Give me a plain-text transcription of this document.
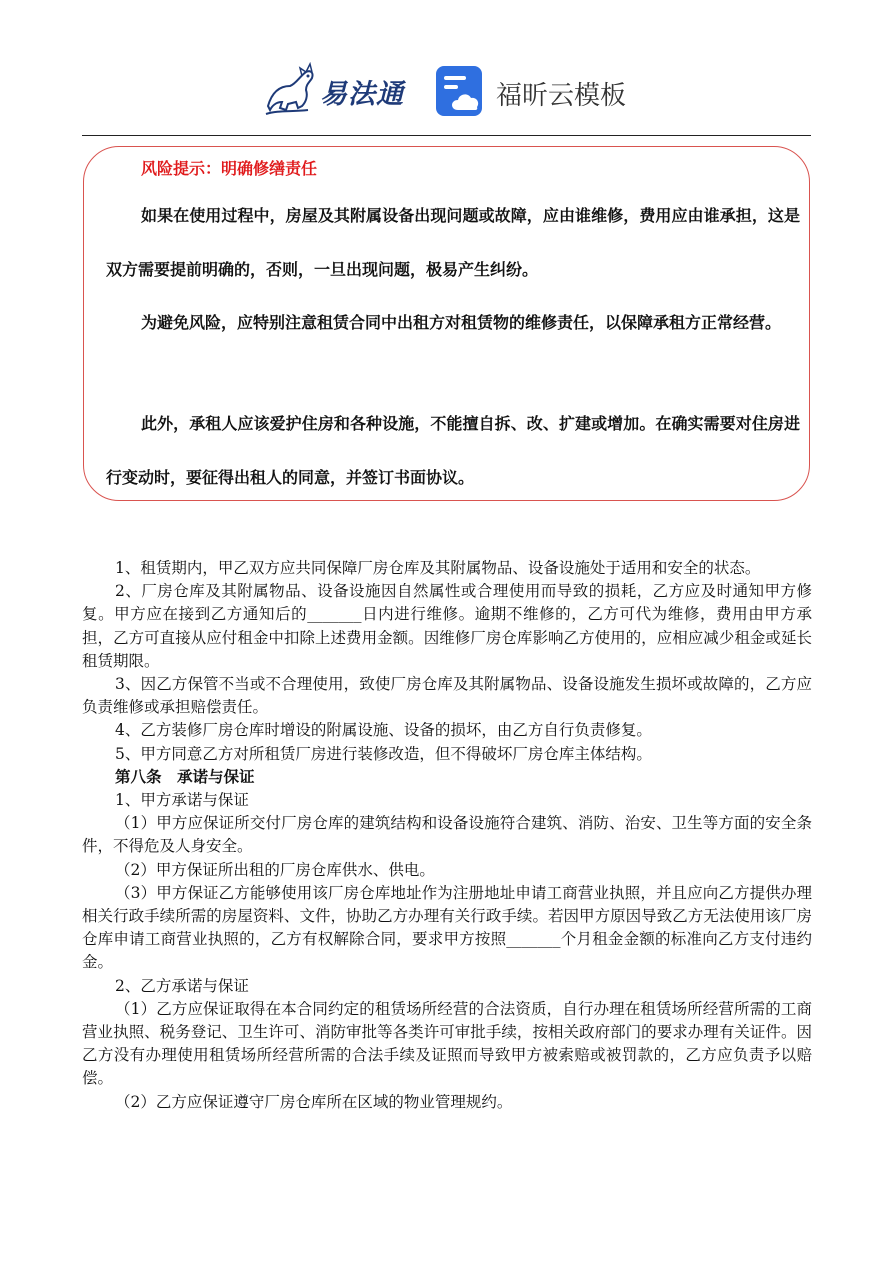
易法通	福昕云模板
风险提示：明确修缮责任

如果在使用过程中，房屋及其附属设备出现问题或故障，应由谁维修，费用应由谁承担，这是双方需要提前明确的，否则，一旦出现问题，极易产生纠纷。

为避免风险，应特别注意租赁合同中出租方对租赁物的维修责任，以保障承租方正常经营。

此外，承租人应该爱护住房和各种设施，不能擅自拆、改、扩建或增加。在确实需要对住房进行变动时，要征得出租人的同意，并签订书面协议。

1、租赁期内，甲乙双方应共同保障厂房仓库及其附属物品、设备设施处于适用和安全的状态。

2、厂房仓库及其附属物品、设备设施因自然属性或合理使用而导致的损耗，乙方应及时通知甲方修复。甲方应在接到乙方通知后的_______日内进行维修。逾期不维修的，乙方可代为维修，费用由甲方承担，乙方可直接从应付租金中扣除上述费用金额。因维修厂房仓库影响乙方使用的，应相应减少租金或延长租赁期限。

3、因乙方保管不当或不合理使用，致使厂房仓库及其附属物品、设备设施发生损坏或故障的，乙方应负责维修或承担赔偿责任。

4、乙方装修厂房仓库时增设的附属设施、设备的损坏，由乙方自行负责修复。

5、甲方同意乙方对所租赁厂房进行装修改造，但不得破坏厂房仓库主体结构。

第八条　承诺与保证

1、甲方承诺与保证

（1）甲方应保证所交付厂房仓库的建筑结构和设备设施符合建筑、消防、治安、卫生等方面的安全条件，不得危及人身安全。

（2）甲方保证所出租的厂房仓库供水、供电。

（3）甲方保证乙方能够使用该厂房仓库地址作为注册地址申请工商营业执照，并且应向乙方提供办理相关行政手续所需的房屋资料、文件，协助乙方办理有关行政手续。若因甲方原因导致乙方无法使用该厂房仓库申请工商营业执照的，乙方有权解除合同，要求甲方按照_______个月租金金额的标准向乙方支付违约金。

2、乙方承诺与保证

（1）乙方应保证取得在本合同约定的租赁场所经营的合法资质，自行办理在租赁场所经营所需的工商营业执照、税务登记、卫生许可、消防审批等各类许可审批手续，按相关政府部门的要求办理有关证件。因乙方没有办理使用租赁场所经营所需的合法手续及证照而导致甲方被索赔或被罚款的，乙方应负责予以赔偿。

（2）乙方应保证遵守厂房仓库所在区域的物业管理规约。
